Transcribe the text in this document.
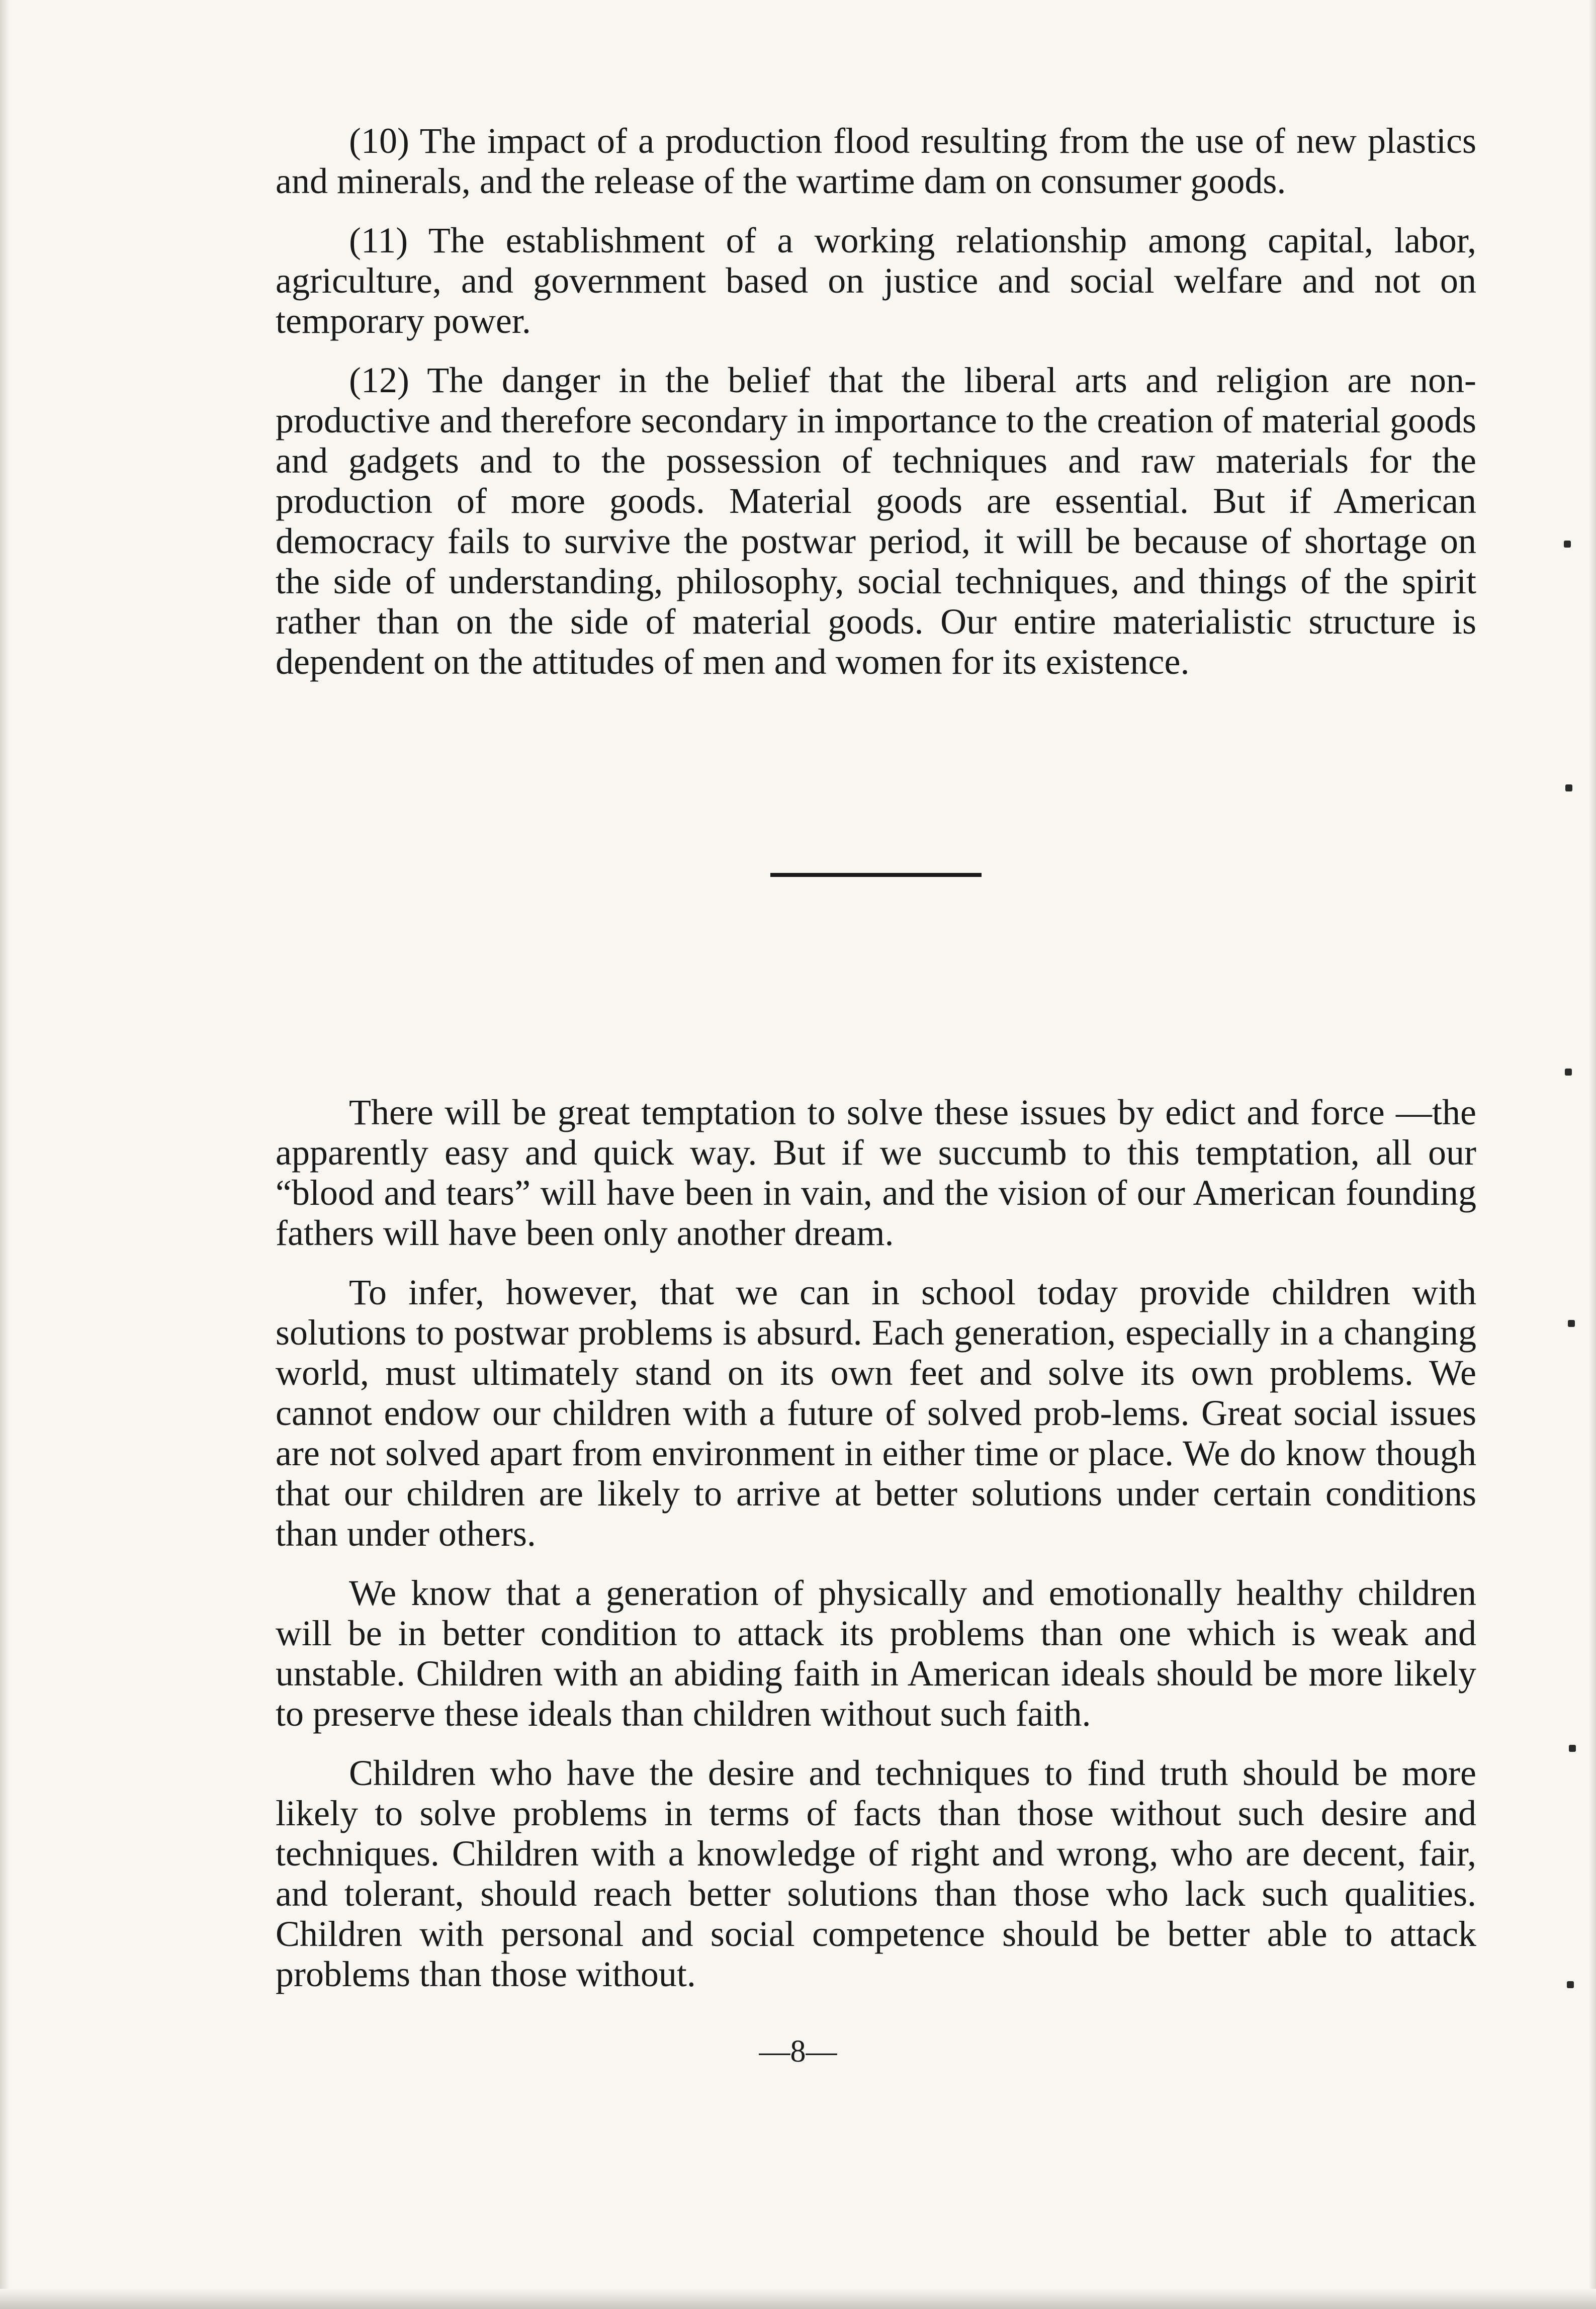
(10) The impact of a production flood resulting from the use of new plastics and minerals, and the release of the wartime dam on consumer goods.

(11) The establishment of a working relationship among capital, labor, agriculture, and government based on justice and social welfare and not on temporary power.

(12) The danger in the belief that the liberal arts and religion are non-productive and therefore secondary in importance to the creation of material goods and gadgets and to the possession of techniques and raw materials for the production of more goods. Material goods are essential. But if American democracy fails to survive the postwar period, it will be because of shortage on the side of understanding, philosophy, social techniques, and things of the spirit rather than on the side of material goods. Our entire materialistic structure is dependent on the attitudes of men and women for its existence.

There will be great temptation to solve these issues by edict and force —the apparently easy and quick way. But if we succumb to this temptation, all our “blood and tears” will have been in vain, and the vision of our American founding fathers will have been only another dream.

To infer, however, that we can in school today provide children with solutions to postwar problems is absurd. Each generation, especially in a changing world, must ultimately stand on its own feet and solve its own problems. We cannot endow our children with a future of solved prob-lems. Great social issues are not solved apart from environment in either time or place. We do know though that our children are likely to arrive at better solutions under certain conditions than under others.

We know that a generation of physically and emotionally healthy children will be in better condition to attack its problems than one which is weak and unstable. Children with an abiding faith in American ideals should be more likely to preserve these ideals than children without such faith.

Children who have the desire and techniques to find truth should be more likely to solve problems in terms of facts than those without such desire and techniques. Children with a knowledge of right and wrong, who are decent, fair, and tolerant, should reach better solutions than those who lack such qualities. Children with personal and social competence should be better able to attack problems than those without.

—8—
